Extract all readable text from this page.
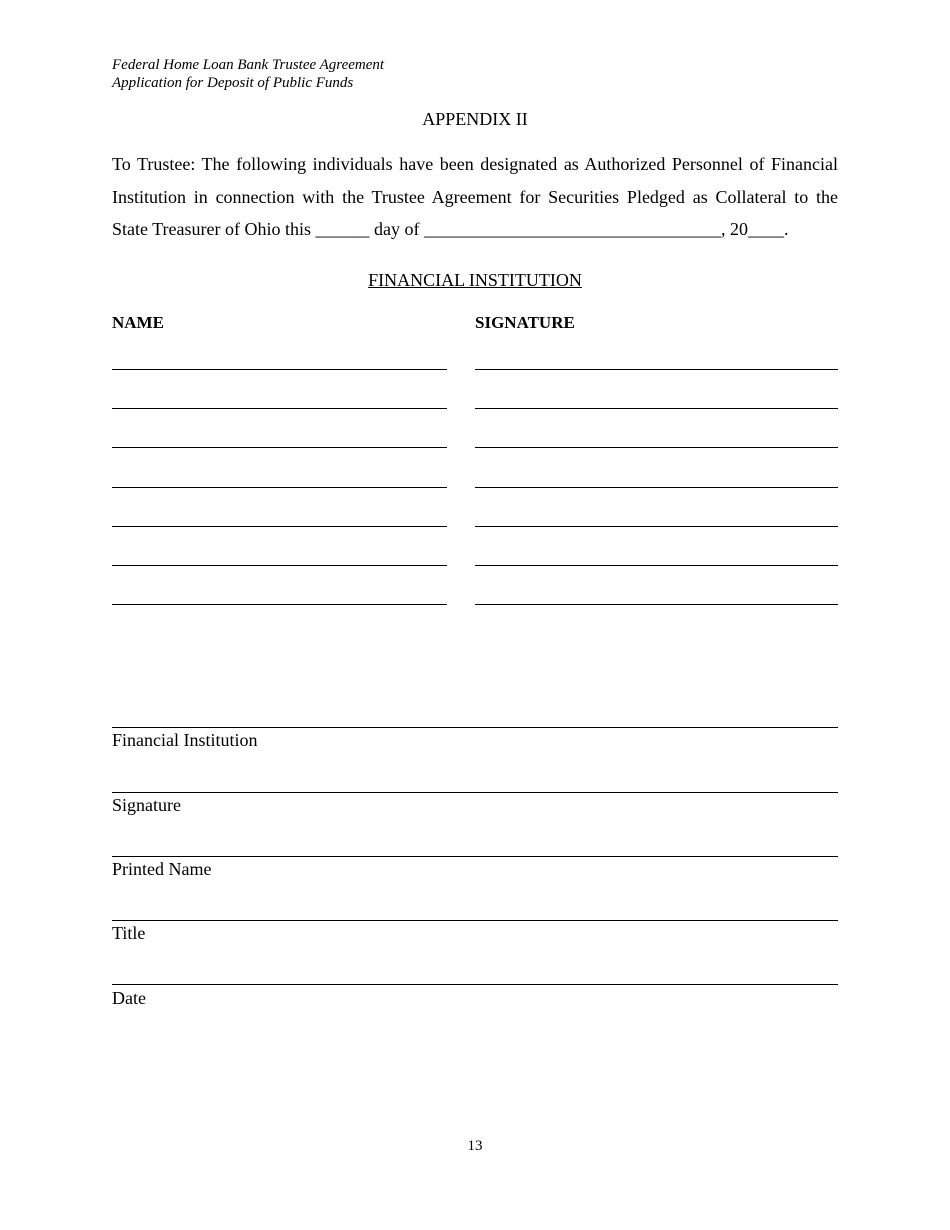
Federal Home Loan Bank Trustee Agreement
Application for Deposit of Public Funds
APPENDIX II
To Trustee: The following individuals have been designated as Authorized Personnel of Financial
Institution in connection with the Trustee Agreement for Securities Pledged as Collateral to the
State Treasurer of Ohio this ______ day of _________________________________, 20____.
FINANCIAL INSTITUTION
NAME	SIGNATURE
Financial Institution
Signature
Printed Name
Title
Date
13
